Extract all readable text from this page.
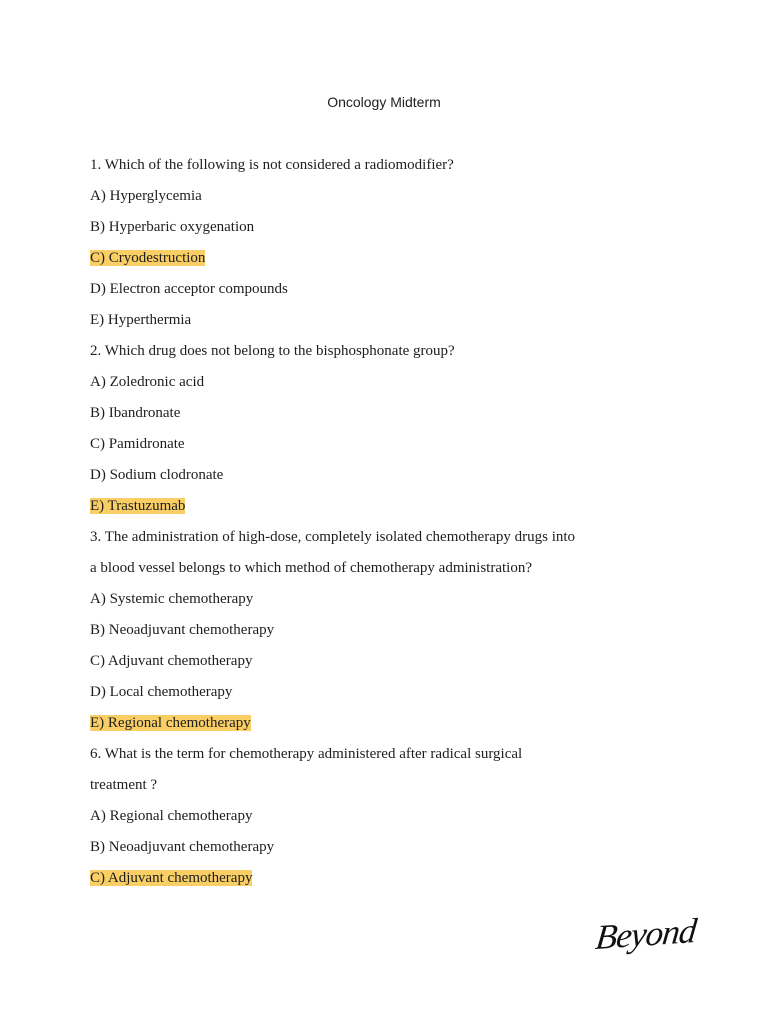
Oncology Midterm
1. Which of the following is not considered a radiomodifier?
A) Hyperglycemia
B) Hyperbaric oxygenation
C) Cryodestruction
D) Electron acceptor compounds
E) Hyperthermia
2. Which drug does not belong to the bisphosphonate group?
A) Zoledronic acid
B) Ibandronate
C) Pamidronate
D) Sodium clodronate
E) Trastuzumab
3. The administration of high-dose, completely isolated chemotherapy drugs into
a blood vessel belongs to which method of chemotherapy administration?
A) Systemic chemotherapy
B) Neoadjuvant chemotherapy
C) Adjuvant chemotherapy
D) Local chemotherapy
E) Regional chemotherapy
6. What is the term for chemotherapy administered after radical surgical
treatment ?
A) Regional chemotherapy
B) Neoadjuvant chemotherapy
C) Adjuvant chemotherapy
Beyond
